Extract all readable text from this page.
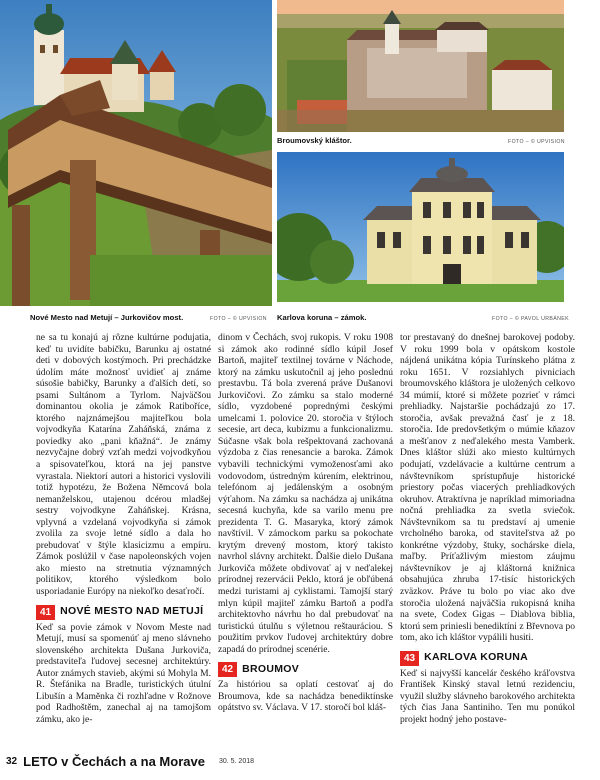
Broumovský kláštor.	FOTO – © UPVISION
Nové Mesto nad Metují – Jurkovičov most.	FOTO – © UPVISION Karlova koruna – zámok.	FOTO – © PAVOL URBÁNEK

ne sa tu konajú aj rôzne kultúrne podujatia, keď tu uvidíte babičku, Barunku aj ostatné deti v dobových kostýmoch. Pri prechádzke údolím máte možnosť uvidieť aj známe súsošie babičky, Barunky a ďalších detí, so psami Sultánom a Tyrlom. Najväčšou dominantou okolia je zámok Ratiboříce, ktorého najznámejšou majiteľkou bola vojvodkyňa Katarína Zaháňská, známa z poviedky ako „pani kňažná“. Je známy nezvyčajne dobrý vzťah medzi vojvodkyňou a spisovateľkou, ktorá na jej panstve vyrastala. Niektorí autori a historici vyslovili totiž hypotézu, že Božena Němcová bola nemanželskou, utajenou dcérou mladšej sestry vojvodkyne Zaháňskej. Krásna, vplyvná a vzdelaná vojvodkyňa si zámok zvolila za svoje letné sídlo a dala ho prebudovať v štýle klasicizmu a empíru. Zámok poslúžil v čase napoleonských vojen ako miesto na stretnutia významných politikov, ktorého výsledkom bolo usporiadanie Európy na niekoľko desaťročí.

41 NOVÉ MESTO NAD METUJÍ

Keď sa povie zámok v Novom Meste nad Metují, musí sa spomenúť aj meno slávneho slovenského architekta Dušana Jurkoviča, predstaviteľa ľudovej secesnej architektúry. Autor známych stavieb, akými sú Mohyla M. R. Štefánika na Bradle, turistických útulní Libušín a Maměnka či rozhľadne v Rožnove pod Radhoštěm, zanechal aj na tamojšom zámku, ako je-

dinom v Čechách, svoj rukopis. V roku 1908 si zámok ako rodinné sídlo kúpil Josef Bartoň, majiteľ textilnej továrne v Náchode, ktorý na zámku uskutočnil aj jeho poslednú prestavbu. Tá bola zverená práve Dušanovi Jurkovičovi. Zo zámku sa stalo moderné sídlo, vyzdobené poprednými českými umelcami 1. polovice 20. storočia v štýloch secesie, art deca, kubizmu a funkcionalizmu. Súčasne však bola rešpektovaná zachovaná výzdoba z čias renesancie a baroka. Zámok vybavili technickými vymoženosťami ako vodovodom, ústredným kúrením, elektrinou, telefónom aj jedálenským a osobným výťahom. Na zámku sa nachádza aj unikátna secesná kuchyňa, kde sa varilo menu pre prezidenta T. G. Masaryka, ktorý zámok navštívil. V zámockom parku sa pokochate krytým drevený mostom, ktorý takisto navrhol slávny architekt. Ďalšie dielo Dušana Jurkoviča môžete obdivovať aj v neďalekej prírodnej rezervácii Peklo, ktorá je obľúbená medzi turistami aj cyklistami. Tamojší starý mlyn kúpil majiteľ zámku Bartoň a podľa architektovho návrhu ho dal prebudovať na turistickú útulňu s výletnou reštauráciou. S použitím prvkov ľudovej architektúry dobre zapadá do prírodnej scenérie.

42 BROUMOV

Za históriou sa oplatí cestovať aj do Broumova, kde sa nachádza benediktínske opátstvo sv. Václava. V 17. storočí bol kláš-

tor prestavaný do dnešnej barokovej podoby. V roku 1999 bola v opátskom kostole nájdená unikátna kópia Turínskeho plátna z roku 1651. V rozsiahlych pivniciach broumovského kláštora je uložených celkovo 34 múmií, ktoré si môžete pozrieť v rámci prehliadky. Najstaršie pochádzajú zo 17. storočia, avšak prevažná časť je z 18. storočia. Ide predovšetkým o múmie kňazov a mešťanov z neďalekého mesta Vamberk. Dnes kláštor slúži ako miesto kultúrnych podujatí, vzdelávacie a kultúrne centrum a návštevníkom sprístupňuje historické priestory počas viacerých prehliadkových okruhov. Atraktívna je napríklad mimoriadna nočná prehliadka za svetla sviečok. Návštevníkom sa tu predstaví aj umenie vrcholného baroka, od staviteľstva až po konkrétne výzdoby, štuky, sochárske diela, maľby. Príťažlivým miestom záujmu návštevníkov je aj kláštorná knižnica obsahujúca zhruba 17-tisíc historických zväzkov. Práve tu bolo po viac ako dve storočia uložená najväčšia rukopisná kniha na svete, Codex Gigas – Diablova biblia, ktorú sem priniesli benediktíni z Břevnova po tom, ako ich kláštor vypálili husiti.

43 KARLOVA KORUNA

Keď si najvyšší kancelár českého kráľovstva František Kinský staval letnú rezidenciu, využil služby slávneho barokového architekta tých čias Jana Santiniho. Ten mu ponúkol projekt hodný jeho postave-

32 LETO v Čechách a na Morave 30. 5. 2018
